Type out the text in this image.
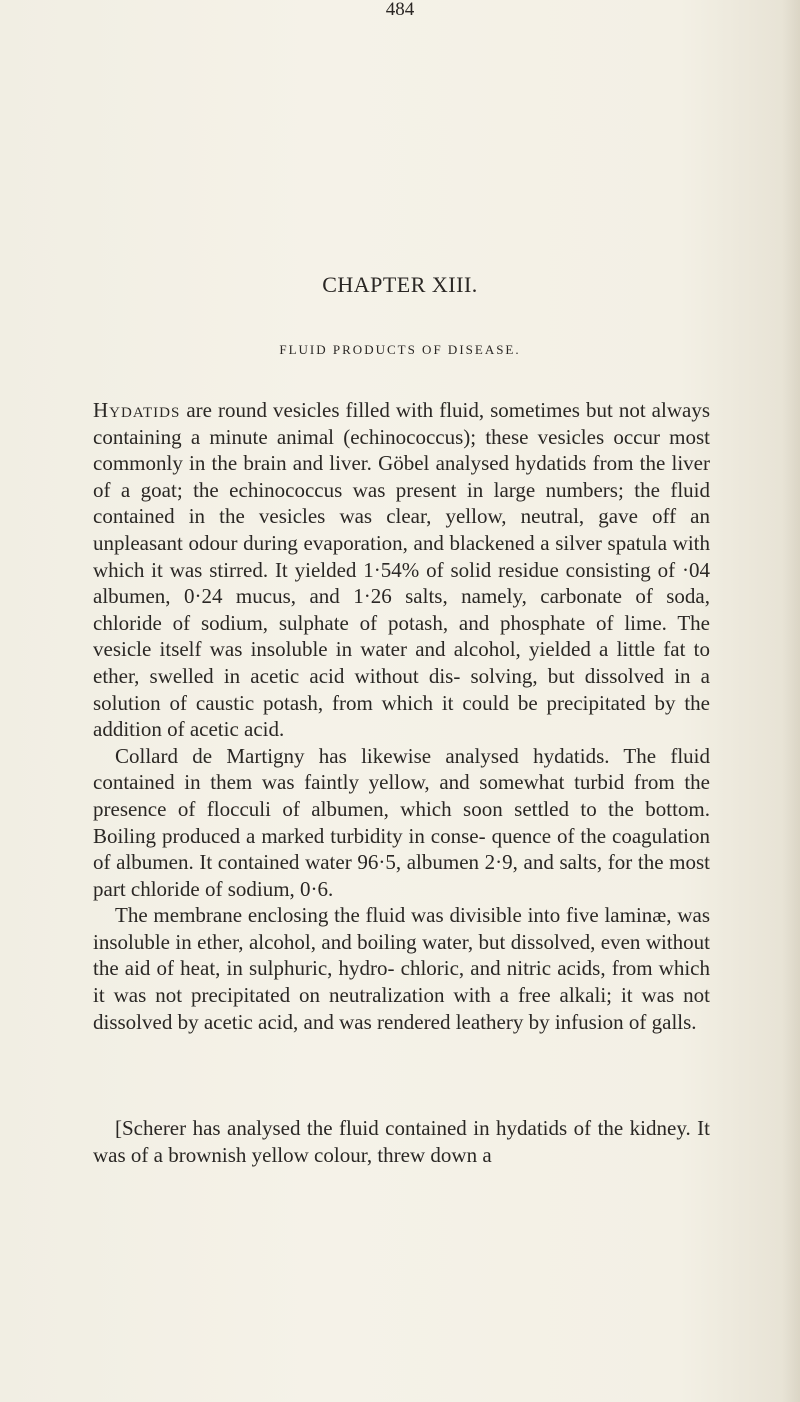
484
CHAPTER XIII.
FLUID PRODUCTS OF DISEASE.

Hydatids are round vesicles filled with fluid, sometimes but not always containing a minute animal (echinococcus); these vesicles occur most commonly in the brain and liver. Göbel analysed hydatids from the liver of a goat; the echinococcus was present in large numbers; the fluid contained in the vesicles was clear, yellow, neutral, gave off an unpleasant odour during evaporation, and blackened a silver spatula with which it was stirred. It yielded 1·54% of solid residue consisting of ·04 albumen, 0·24 mucus, and 1·26 salts, namely, carbonate of soda, chloride of sodium, sulphate of potash, and phosphate of lime. The vesicle itself was insoluble in water and alcohol, yielded a little fat to ether, swelled in acetic acid without dis- solving, but dissolved in a solution of caustic potash, from which it could be precipitated by the addition of acetic acid.

Collard de Martigny has likewise analysed hydatids. The fluid contained in them was faintly yellow, and somewhat turbid from the presence of flocculi of albumen, which soon settled to the bottom. Boiling produced a marked turbidity in conse- quence of the coagulation of albumen. It contained water 96·5, albumen 2·9, and salts, for the most part chloride of sodium, 0·6.

The membrane enclosing the fluid was divisible into five laminæ, was insoluble in ether, alcohol, and boiling water, but dissolved, even without the aid of heat, in sulphuric, hydro- chloric, and nitric acids, from which it was not precipitated on neutralization with a free alkali; it was not dissolved by acetic acid, and was rendered leathery by infusion of galls.

[Scherer has analysed the fluid contained in hydatids of the kidney. It was of a brownish yellow colour, threw down a
